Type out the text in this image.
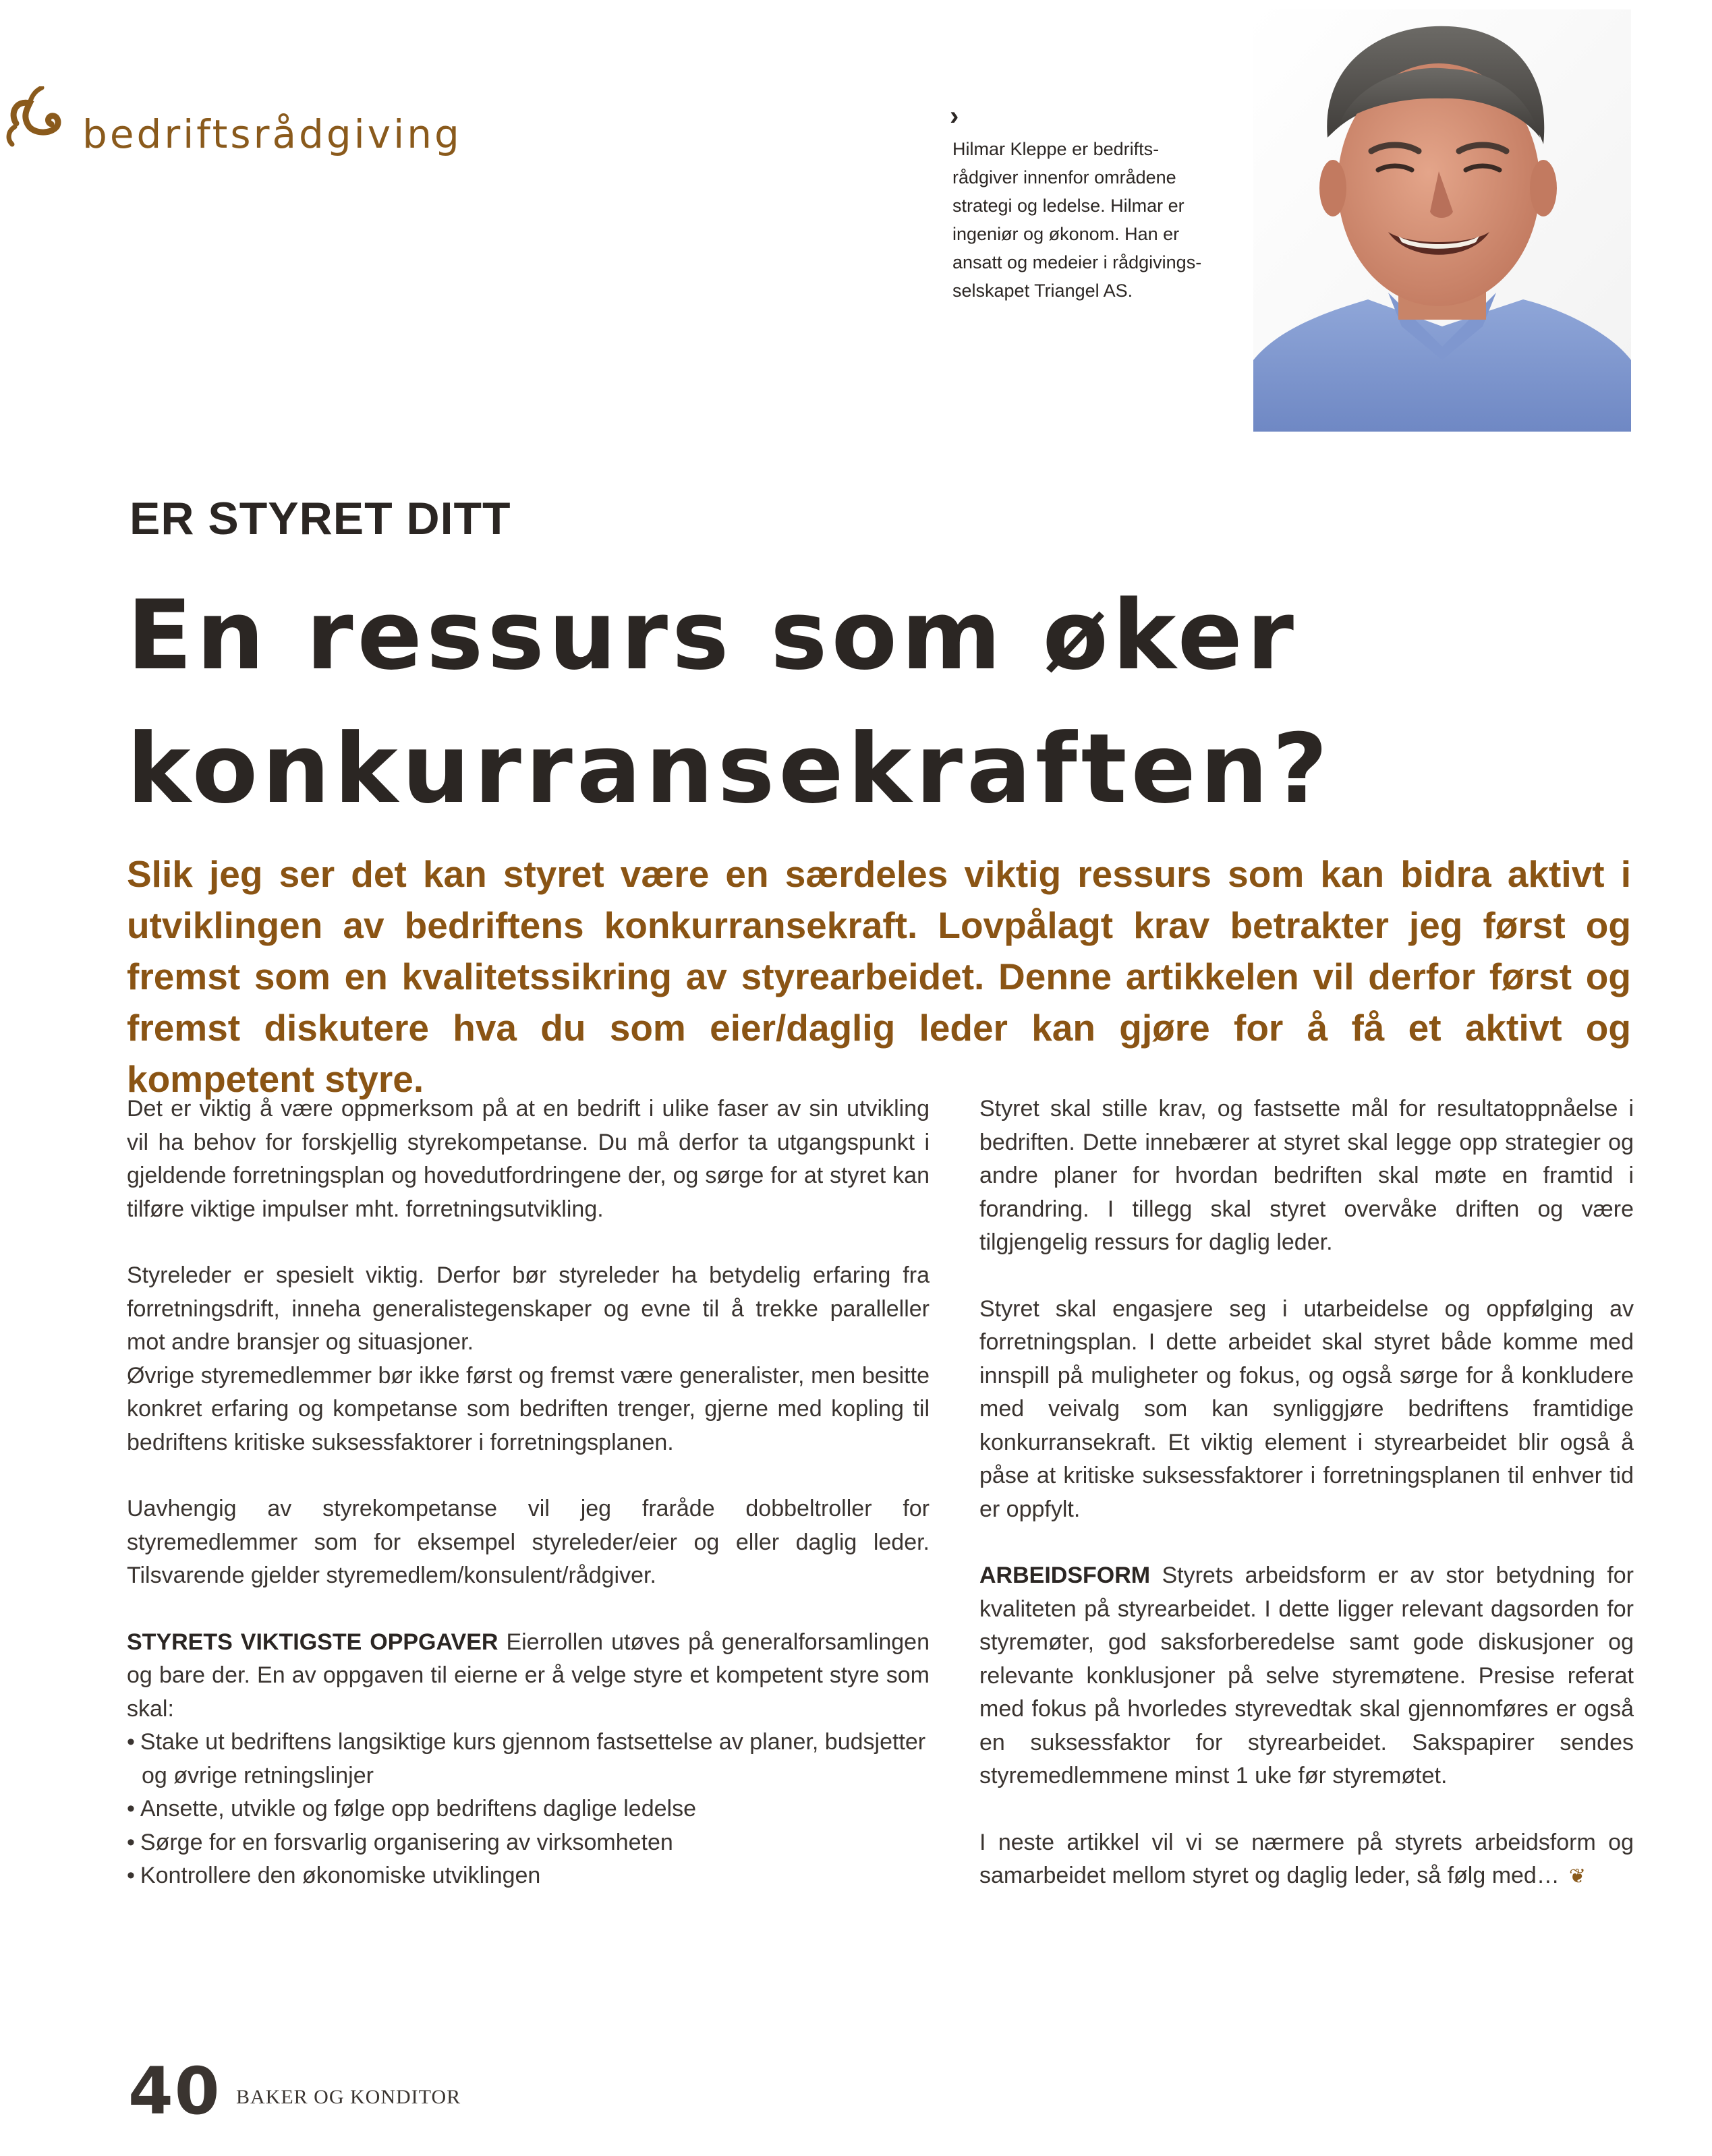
bedriftsrådgiving	›
Hilmar Kleppe er bedrifts-
rådgiver innenfor områdene
strategi og ledelse. Hilmar er
ingeniør og økonom. Han er
ansatt og medeier i rådgivings-
selskapet Triangel AS.
ER STYRET DITT
En ressurs som øker
konkurransekraften?
Slik jeg ser det kan styret være en særdeles viktig ressurs som kan bidra aktivt i utviklingen av bedriftens konkurransekraft. Lovpålagt krav betrakter jeg først og fremst som en kvalitetssikring av styrearbeidet. Denne artikkelen vil derfor først og fremst diskutere hva du som eier/daglig leder kan gjøre for å få et aktivt og kompetent styre.

Det er viktig å være oppmerksom på at en bedrift i ulike faser av sin utvikling vil ha behov for forskjellig styrekompetanse. Du må derfor ta utgangspunkt i gjeldende forretningsplan og hovedutfordringene der, og sørge for at styret kan tilføre viktige impulser mht. forretningsutvikling.

Styreleder er spesielt viktig. Derfor bør styreleder ha betydelig erfaring fra forretningsdrift, inneha generalistegenskaper og evne til å trekke paralleller mot andre bransjer og situasjoner.

Øvrige styremedlemmer bør ikke først og fremst være generalister, men besitte konkret erfaring og kompetanse som bedriften trenger, gjerne med kopling til bedriftens kritiske suksessfaktorer i forretningsplanen.

Uavhengig av styrekompetanse vil jeg fraråde dobbeltroller for styremedlemmer som for eksempel styreleder/eier og eller daglig leder. Tilsvarende gjelder styremedlem/konsulent/rådgiver.

STYRETS VIKTIGSTE OPPGAVER Eierrollen utøves på generalforsamlingen og bare der. En av oppgaven til eierne er å velge styre et kompetent styre som skal:

• Stake ut bedriftens langsiktige kurs gjennom fastsettelse av planer, budsjetter og øvrige retningslinjer
• Ansette, utvikle og følge opp bedriftens daglige ledelse
• Sørge for en forsvarlig organisering av virksomheten
• Kontrollere den økonomiske utviklingen

Styret skal stille krav, og fastsette mål for resultatoppnåelse i bedriften. Dette innebærer at styret skal legge opp strategier og andre planer for hvordan bedriften skal møte en framtid i forandring. I tillegg skal styret overvåke driften og være tilgjengelig ressurs for daglig leder.

Styret skal engasjere seg i utarbeidelse og oppfølging av forretningsplan. I dette arbeidet skal styret både komme med innspill på muligheter og fokus, og også sørge for å konkludere med veivalg som kan synliggjøre bedriftens framtidige konkurransekraft. Et viktig element i styrearbeidet blir også å påse at kritiske suksessfaktorer i forretningsplanen til enhver tid er oppfylt.

ARBEIDSFORM Styrets arbeidsform er av stor betydning for kvaliteten på styrearbeidet. I dette ligger relevant dagsorden for styremøter, god saksforberedelse samt gode diskusjoner og relevante konklusjoner på selve styremøtene. Presise referat med fokus på hvorledes styrevedtak skal gjennomføres er også en suksessfaktor for styrearbeidet. Sakspapirer sendes styremedlemmene minst 1 uke før styremøtet.

I neste artikkel vil vi se nærmere på styrets arbeidsform og samarbeidet mellom styret og daglig leder, så følg med… ❦

40 BAKER OG KONDITOR
